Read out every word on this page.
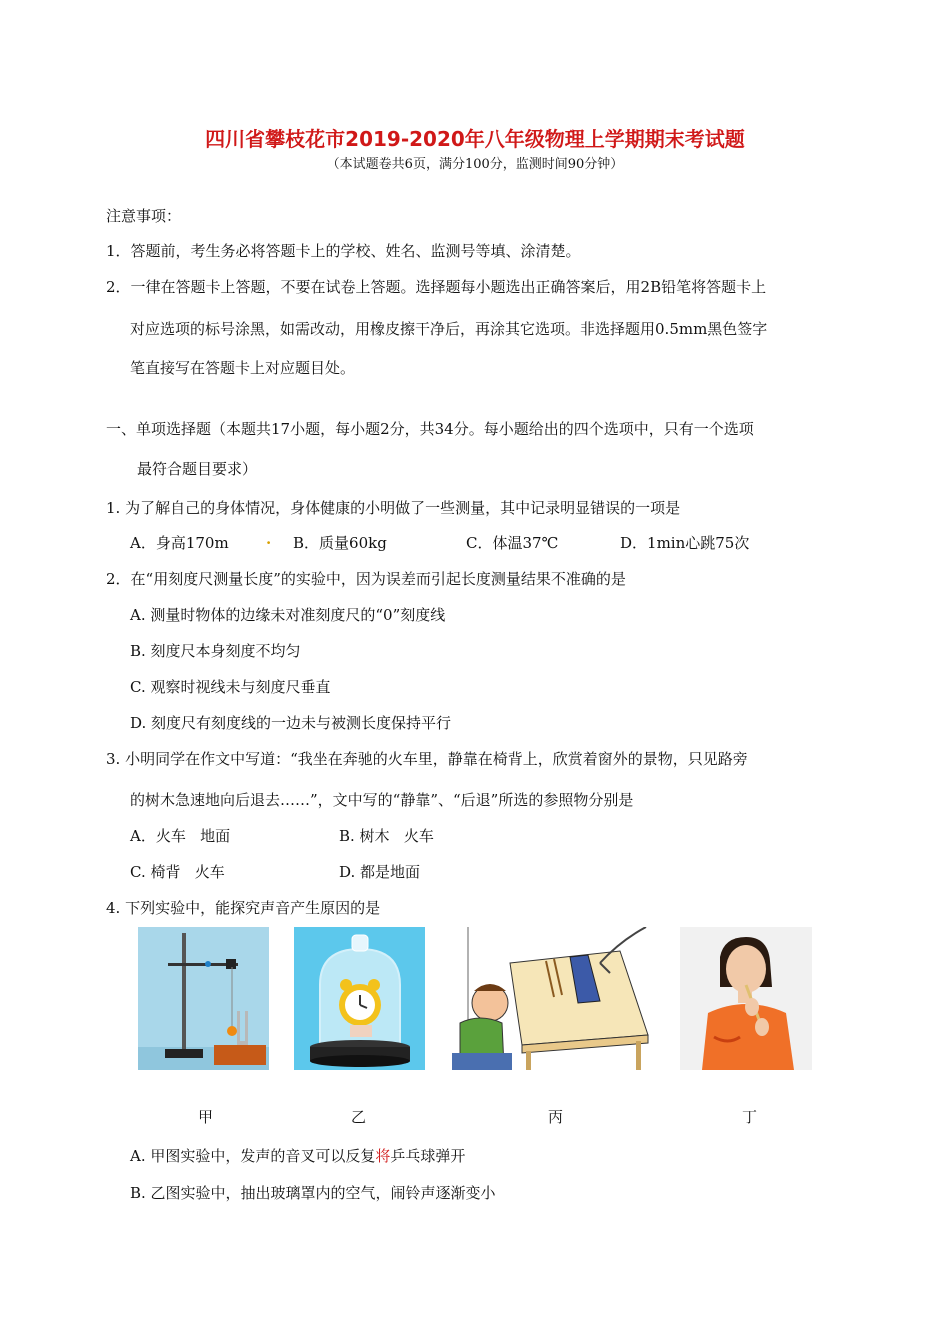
四川省攀枝花市2019-2020年八年级物理上学期期末考试题
（本试题卷共6页，满分100分，监测时间90分钟）
注意事项：
1．答题前，考生务必将答题卡上的学校、姓名、监测号等填、涂清楚。
2．一律在答题卡上答题，不要在试卷上答题。选择题每小题选出正确答案后，用2B铅笔将答题卡上
对应选项的标号涂黑，如需改动，用橡皮擦干净后，再涂其它选项。非选择题用0.5mm黑色签字
笔直接写在答题卡上对应题目处。
一、单项选择题（本题共17小题，每小题2分，共34分。每小题给出的四个选项中，只有一个选项
最符合题目要求）
1. 为了解自己的身体情况，身体健康的小明做了一些测量，其中记录明显错误的一项是
A．身高170m . B．质量60kg	C．体温37℃	D．1min心跳75次
2．在“用刻度尺测量长度”的实验中，因为误差而引起长度测量结果不准确的是
A. 测量时物体的边缘未对准刻度尺的“0”刻度线
B. 刻度尺本身刻度不均匀
C. 观察时视线未与刻度尺垂直
D. 刻度尺有刻度线的一边未与被测长度保持平行
3. 小明同学在作文中写道：“我坐在奔驰的火车里，静靠在椅背上，欣赏着窗外的景物，只见路旁
的树木急速地向后退去……”，文中写的“静靠”、“后退”所选的参照物分别是
A．火车   地面	B. 树木   火车
C. 椅背   火车	D. 都是地面
4. 下列实验中，能探究声音产生原因的是
甲	乙	丙	丁
A. 甲图实验中，发声的音叉可以反复将乒乓球弹开
B. 乙图实验中，抽出玻璃罩内的空气，闹铃声逐渐变小
